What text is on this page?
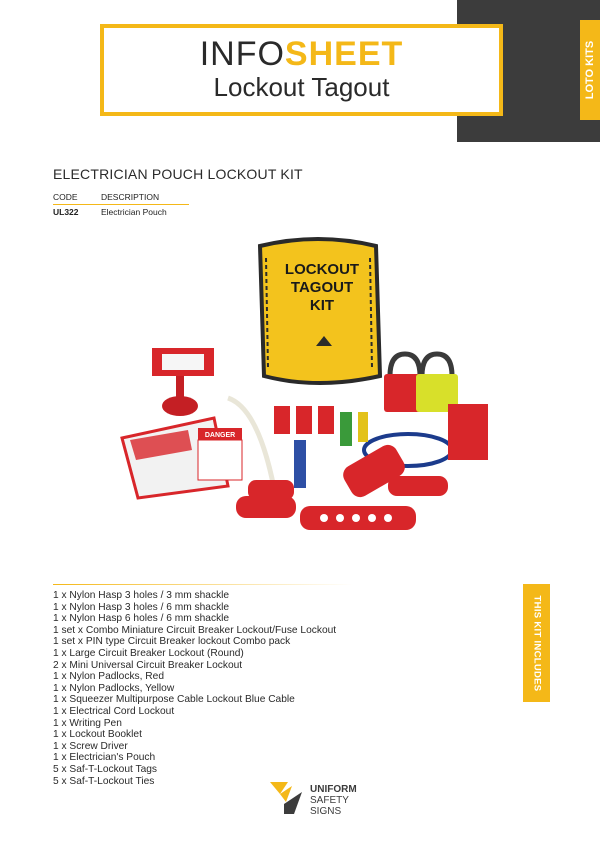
INFOSHEET
Lockout Tagout	LOTO KITS
ELECTRICIAN POUCH LOCKOUT KIT
CODE	DESCRIPTION
UL322	Electrician Pouch
LOCKOUT
TAGOUT
KIT
DANGER
1 x Nylon Hasp 3 holes / 3 mm shackle
1 x Nylon Hasp 3 holes / 6 mm shackle
1 x Nylon Hasp 6 holes / 6 mm shackle
1 set x Combo Miniature Circuit Breaker Lockout/Fuse Lockout
1 set x PIN type Circuit Breaker lockout Combo pack
1 x Large Circuit Breaker Lockout (Round)
2 x Mini Universal Circuit Breaker Lockout
1 x Nylon Padlocks, Red
1 x Nylon Padlocks, Yellow
1 x Squeezer Multipurpose Cable Lockout Blue Cable
1 x Electrical Cord Lockout
1 x Writing Pen
1 x Lockout Booklet
1 x Screw Driver
1 x Electrician's Pouch
5 x Saf-T-Lockout Tags
5 x Saf-T-Lockout Ties
THIS KIT INCLUDES
UNIFORM
SAFETY
SIGNS
